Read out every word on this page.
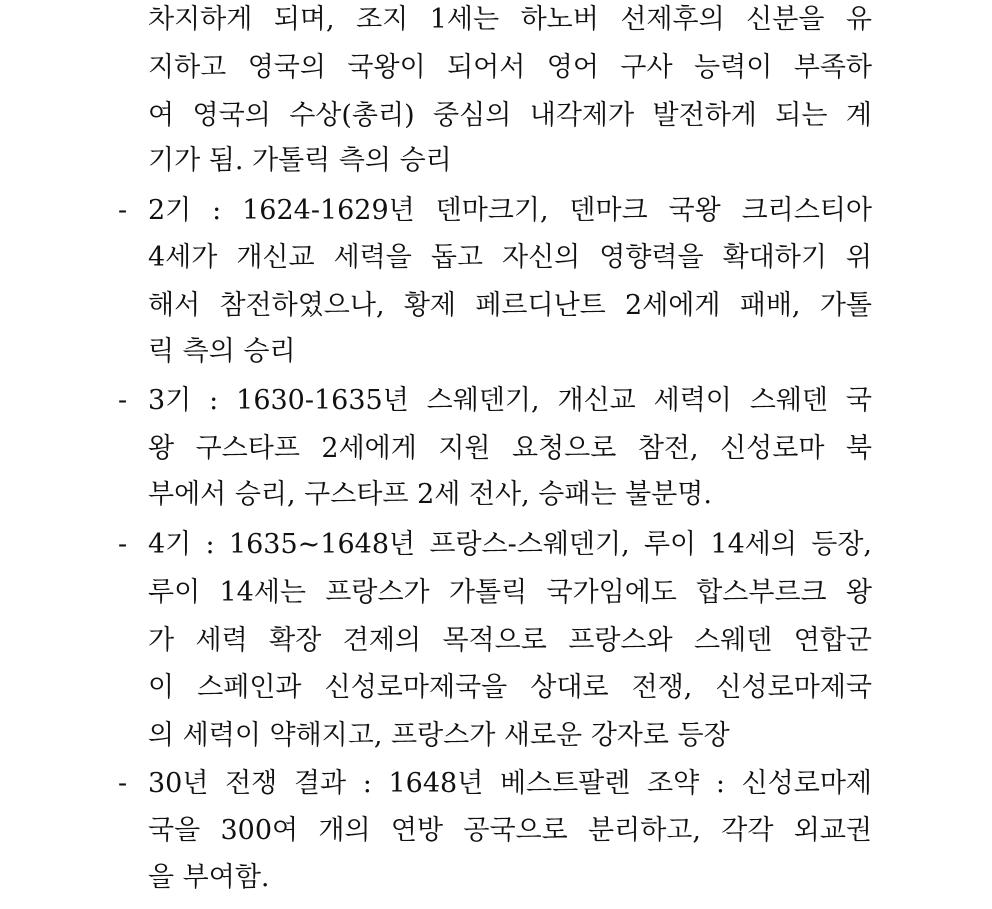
차지하게 되며, 조지 1세는 하노버 선제후의 신분을 유
지하고 영국의 국왕이 되어서 영어 구사 능력이 부족하
여 영국의 수상(총리) 중심의 내각제가 발전하게 되는 계
기가 됨. 가톨릭 측의 승리
- 2기 : 1624-1629년 덴마크기, 덴마크 국왕 크리스티아
4세가 개신교 세력을 돕고 자신의 영향력을 확대하기 위
해서 참전하였으나, 황제 페르디난트 2세에게 패배, 가톨
릭 측의 승리
- 3기 : 1630-1635년 스웨덴기, 개신교 세력이 스웨덴 국
왕 구스타프 2세에게 지원 요청으로 참전, 신성로마 북
부에서 승리, 구스타프 2세 전사, 승패는 불분명.
- 4기 : 1635~1648년 프랑스-스웨덴기, 루이 14세의 등장,
루이 14세는 프랑스가 가톨릭 국가임에도 합스부르크 왕
가 세력 확장 견제의 목적으로 프랑스와 스웨덴 연합군
이 스페인과 신성로마제국을 상대로 전쟁, 신성로마제국
의 세력이 약해지고, 프랑스가 새로운 강자로 등장
- 30년 전쟁 결과 : 1648년 베스트팔렌 조약 : 신성로마제
국을 300여 개의 연방 공국으로 분리하고, 각각 외교권
을 부여함.
